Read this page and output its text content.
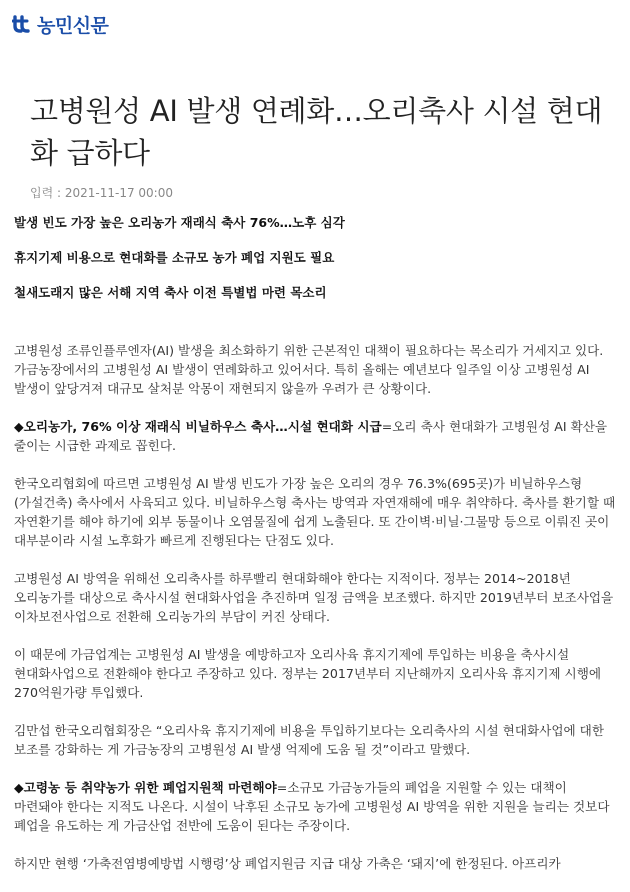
농민신문
고병원성 AI 발생 연례화…오리축사 시설 현대화 급하다
입력 : 2021-11-17 00:00

발생 빈도 가장 높은 오리농가 재래식 축사 76%…노후 심각

휴지기제 비용으로 현대화를 소규모 농가 폐업 지원도 필요

철새도래지 많은 서해 지역 축사 이전 특별법 마련 목소리

고병원성 조류인플루엔자(AI) 발생을 최소화하기 위한 근본적인 대책이 필요하다는 목소리가 거세지고 있다. 가금농장에서의 고병원성 AI 발생이 연례화하고 있어서다. 특히 올해는 예년보다 일주일 이상 고병원성 AI 발생이 앞당겨져 대규모 살처분 악몽이 재현되지 않을까 우려가 큰 상황이다.

◆오리농가, 76% 이상 재래식 비닐하우스 축사…시설 현대화 시급=오리 축사 현대화가 고병원성 AI 확산을 줄이는 시급한 과제로 꼽힌다.

한국오리협회에 따르면 고병원성 AI 발생 빈도가 가장 높은 오리의 경우 76.3%(695곳)가 비닐하우스형(가설건축) 축사에서 사육되고 있다. 비닐하우스형 축사는 방역과 자연재해에 매우 취약하다. 축사를 환기할 때 자연환기를 해야 하기에 외부 동물이나 오염물질에 쉽게 노출된다. 또 간이벽·비닐·그물망 등으로 이뤄진 곳이 대부분이라 시설 노후화가 빠르게 진행된다는 단점도 있다.

고병원성 AI 방역을 위해선 오리축사를 하루빨리 현대화해야 한다는 지적이다. 정부는 2014~2018년 오리농가를 대상으로 축사시설 현대화사업을 추진하며 일정 금액을 보조했다. 하지만 2019년부터 보조사업을 이차보전사업으로 전환해 오리농가의 부담이 커진 상태다.

이 때문에 가금업계는 고병원성 AI 발생을 예방하고자 오리사육 휴지기제에 투입하는 비용을 축사시설 현대화사업으로 전환해야 한다고 주장하고 있다. 정부는 2017년부터 지난해까지 오리사육 휴지기제 시행에 270억원가량 투입했다.

김만섭 한국오리협회장은 “오리사육 휴지기제에 비용을 투입하기보다는 오리축사의 시설 현대화사업에 대한 보조를 강화하는 게 가금농장의 고병원성 AI 발생 억제에 도움 될 것”이라고 말했다.

◆고령농 등 취약농가 위한 폐업지원책 마련해야=소규모 가금농가들의 폐업을 지원할 수 있는 대책이 마련돼야 한다는 지적도 나온다. 시설이 낙후된 소규모 농가에 고병원성 AI 방역을 위한 지원을 늘리는 것보다 폐업을 유도하는 게 가금산업 전반에 도움이 된다는 주장이다.

하지만 현행 ‘가축전염병예방법 시행령’상 폐업지원금 지급 대상 가축은 ‘돼지’에 한정된다. 아프리카
